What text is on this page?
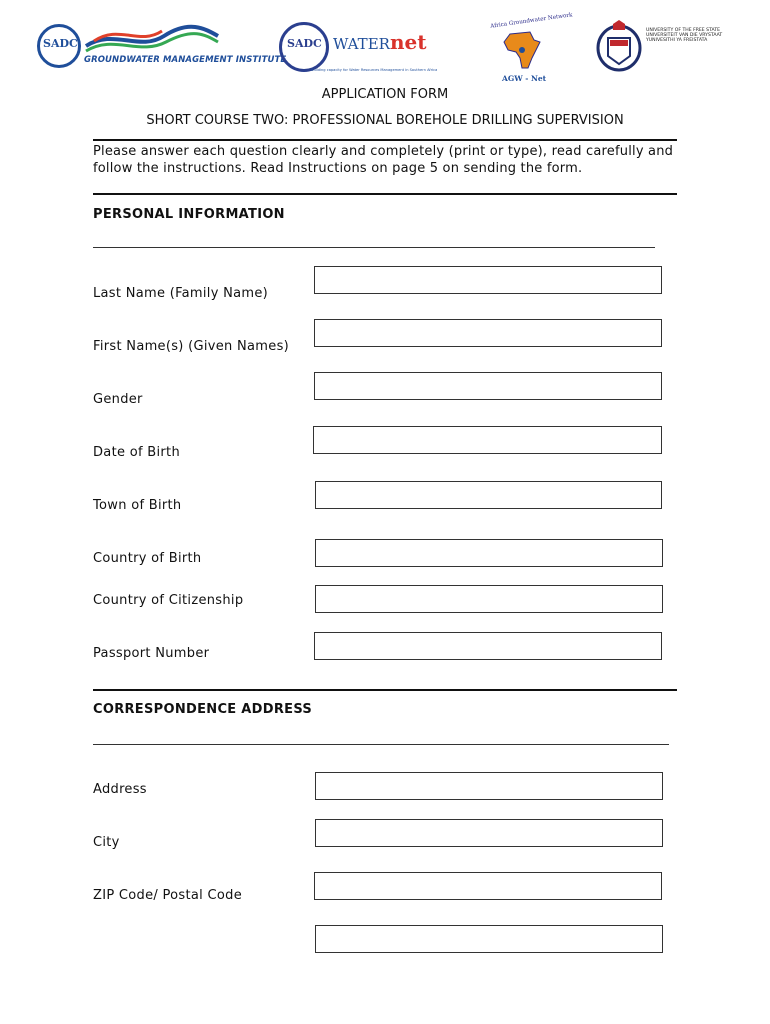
SADC
GROUNDWATER MANAGEMENT INSTITUTE
SADC WATERnet
Building capacity for Water Resources Management in Southern Africa
Africa Groundwater Network
AGW - Net
UNIVERSITY OF THE FREE STATE
UNIVERSITEIT VAN DIE VRYSTAAT
YUNIVESITHI YA FREISTATA
APPLICATION FORM
SHORT COURSE TWO: PROFESSIONAL BOREHOLE DRILLING SUPERVISION
Please answer each question clearly and completely (print or type), read carefully and follow the instructions. Read Instructions on page 5 on sending the form.
PERSONAL INFORMATION
Last Name (Family Name)
First Name(s) (Given Names)
Gender
Date of Birth
Town of Birth
Country of Birth
Country of Citizenship
Passport Number
CORRESPONDENCE ADDRESS
Address
City
ZIP Code/ Postal Code
